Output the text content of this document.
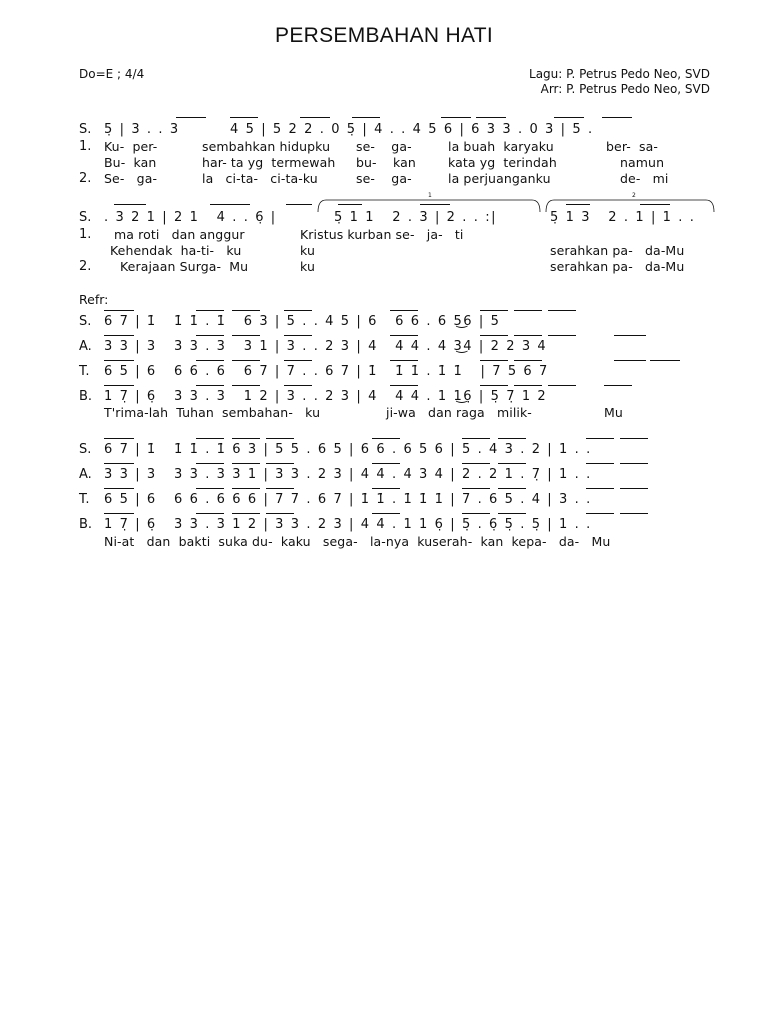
PERSEMBAHAN HATI
Do=E ; 4/4	Lagu: P. Petrus Pedo Neo, SVD
Arr: P. Petrus Pedo Neo, SVD
S. 5̣ | 3 . . 3	4 5 | 5 2 2 . 0 5̣ | 4 . . 4 5 6 | 6 3 3 . 0 3 | 5 .
1. Ku-  per-	sembahkan hidupku se-    ga-	la buah  karyaku	ber-  sa-
Bu-  kan	har- ta yg  termewah bu-    kan	kata yg  terindah	namun
2. Se-   ga-	la   ci-ta-   ci-ta-ku	se-    ga-	la perjuanganku	de-   mi
1	2
S. . 3 2 1 | 2 1   4 . . 6̣ |	5̣ 1 1   2 . 3 | 2 . . :|	5̣ 1 3   2 . 1 | 1 . .
1. ma roti   dan anggur	Kristus kurban se-   ja-   ti
Kehendak  ha-ti-   ku	ku	serahkan pa-   da-Mu
2. Kerajaan Surga-  Mu	ku	serahkan pa-   da-Mu
Refr:
S. 6 7 | 1̇   1̇ 1̇ . 1̇   6 3 | 5 . . 4 5 | 6   6 6 . 6 5͜6 | 5
A. 3 3 | 3   3 3 . 3   3 1 | 3 . . 2 3 | 4   4 4 . 4 3͜4 | 2 2 3 4
T. 6 5 | 6   6 6 . 6   6 7 | 7 . . 6 7 | 1̇   1̇ 1̇ . 1̇ 1̇   | 7 5 6 7
B. 1 7̣ | 6̣   3 3 . 3   1 2 | 3 . . 2 3 | 4   4 4 . 1 1͜6̣ | 5̣ 7̣ 1 2
T'rima-lah  Tuhan  sembahan-   ku	ji-wa   dan raga   milik-	Mu
S. 6 7 | 1̇   1̇ 1̇ . 1̇ 6 3 | 5 5 . 6 5 | 6 6 . 6 5 6 | 5 . 4 3 . 2 | 1 . .
A. 3 3 | 3   3 3 . 3 3 1 | 3 3 . 2 3 | 4 4 . 4 3 4 | 2 . 2 1 . 7̣ | 1 . .
T. 6 5 | 6   6 6 . 6 6 6 | 7 7 . 6 7 | 1̇ 1̇ . 1̇ 1̇ 1̇ | 7 . 6 5 . 4 | 3 . .
B. 1 7̣ | 6̣   3 3 . 3 1 2 | 3 3 . 2 3 | 4 4 . 1 1 6̣ | 5̣ . 6̣ 5̣ . 5̣ | 1 . .
Ni-at   dan  bakti  suka du-  kaku   sega-   la-nya  kuserah-  kan  kepa-   da-   Mu
